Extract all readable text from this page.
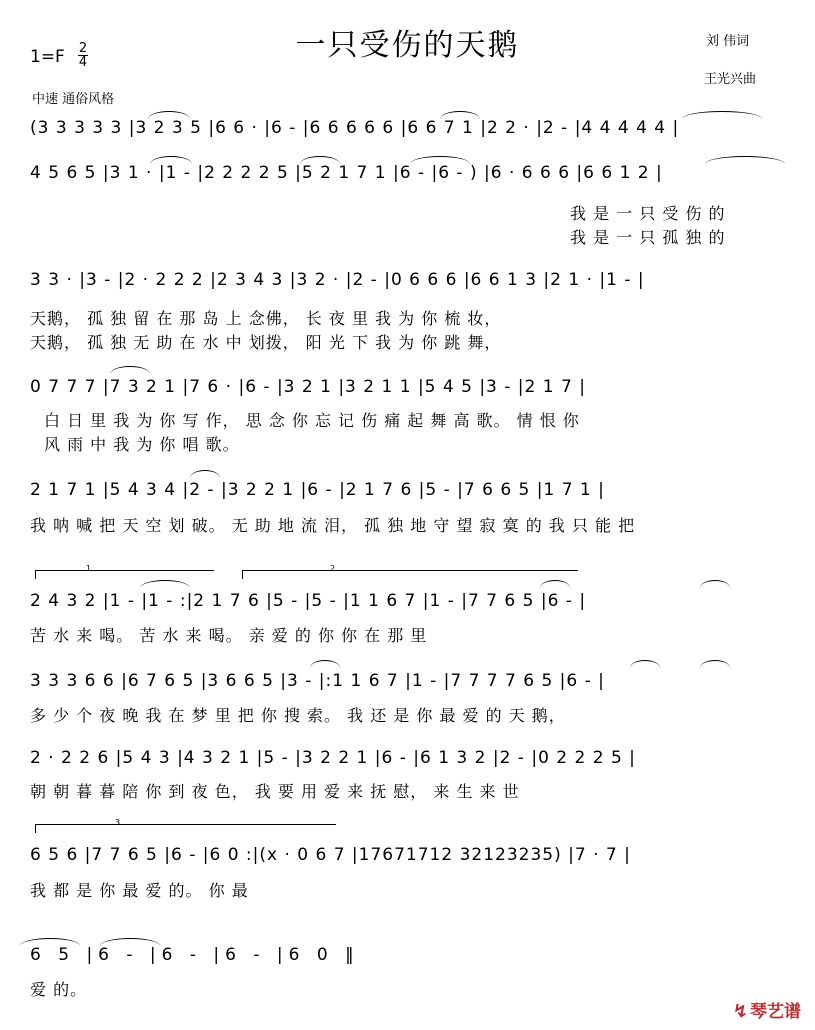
一只受伤的天鹅
1=F 2
4
中速 通俗风格
刘 伟词
王光兴曲
(3 3 3 3 3 |3 2 3 5 |6 6 · |6 - |6 6 6 6 6 |6 6 7 1 |2 2 · |2 - |4 4 4 4 4 |
4 5 6 5 |3 1 · |1 - |2 2 2 2 5 |5 2 1 7 1 |6 - |6 - ) |6 · 6 6 6 |6 6 1 2 |
我 是 一 只 受 伤 的
我 是 一 只 孤 独 的
3 3 · |3 - |2 · 2 2 2 |2 3 4 3 |3 2 · |2 - |0 6 6 6 |6 6 1 3 |2 1 · |1 - |
天鹅， 孤 独 留 在 那 岛 上 念佛， 长 夜 里 我 为 你 梳 妆，
天鹅， 孤 独 无 助 在 水 中 划拨， 阳 光 下 我 为 你 跳 舞，
0 7 7 7 |7 3 2 1 |7 6 · |6 - |3 2 1 |3 2 1 1 |5 4 5 |3 - |2 1 7 |
白 日 里 我 为 你 写 作， 思 念 你 忘 记 伤 痛 起 舞 高 歌。 情 恨 你
风 雨 中 我 为 你 唱 歌。
2 1 7 1 |5 4 3 4 |2 - |3 2 2 1 |6 - |2 1 7 6 |5 - |7 6 6 5 |1 7 1 |
我 呐 喊 把 天 空 划 破。 无 助 地 流 泪， 孤 独 地 守 望 寂 寞 的 我 只 能 把
1	2
2 4 3 2 |1 - |1 - :|2 1 7 6 |5 - |5 - |1 1 6 7 |1 - |7 7 6 5 |6 - |
苦 水 来 喝。 苦 水 来 喝。 亲 爱 的 你 你 在 那 里
3 3 3 6 6 |6 7 6 5 |3 6 6 5 |3 - |:1 1 6 7 |1 - |7 7 7 7 6 5 |6 - |
多 少 个 夜 晚 我 在 梦 里 把 你 搜 索。 我 还 是 你 最 爱 的 天 鹅，
2 · 2 2 6 |5 4 3 |4 3 2 1 |5 - |3 2 2 1 |6 - |6 1 3 2 |2 - |0 2 2 2 5 |
朝 朝 暮 暮 陪 你 到 夜 色， 我 要 用 爱 来 抚 慰， 来 生 来 世
3
6 5 6 |7 7 6 5 |6 - |6 0 :|(x · 0 6 7 |17671712 32123235) |7 · 7 |
我 都 是 你 最 爱 的。 你 最
6 5 |6 - |6 - |6 - |6 0 ‖
爱 的。
↯ 琴艺谱
